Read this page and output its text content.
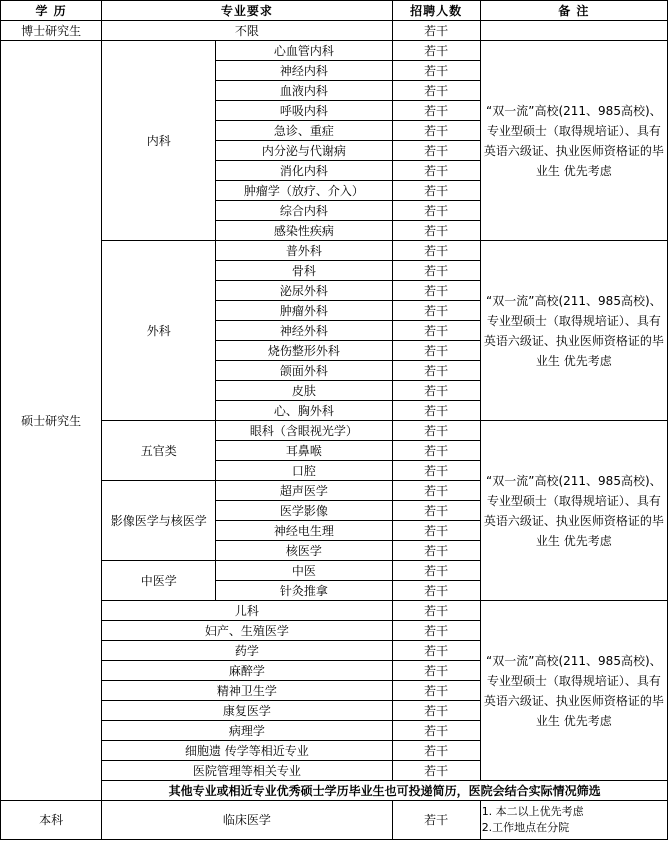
学 历	专业要求		招聘人数	备 注
博士研究生	不限		若干	
硕士研究生	内科	心血管内科	若干	“双一流”高校(211、985高校)、专业型硕士（取得规培证）、具有英语六级证、执业医师资格证的毕业生 优先考虑
		神经内科	若干	
		血液内科	若干	
		呼吸内科	若干	
		急诊、重症	若干	
		内分泌与代谢病	若干	
		消化内科	若干	
		肿瘤学（放疗、介入）	若干	
		综合内科	若干	
		感染性疾病	若干	
	外科	普外科	若干	“双一流”高校(211、985高校)、专业型硕士（取得规培证）、具有英语六级证、执业医师资格证的毕业生 优先考虑
		骨科	若干	
		泌尿外科	若干	
		肿瘤外科	若干	
		神经外科	若干	
		烧伤整形外科	若干	
		颌面外科	若干	
		皮肤	若干	
		心、胸外科	若干	
	五官类	眼科（含眼视光学）	若干	“双一流”高校(211、985高校)、专业型硕士（取得规培证）、具有英语六级证、执业医师资格证的毕业生 优先考虑
		耳鼻喉	若干	
		口腔	若干	
	影像医学与核医学	超声医学	若干	
		医学影像	若干	
		神经电生理	若干	
		核医学	若干	
	中医学	中医	若干	
		针灸推拿	若干	
	儿科		若干	“双一流”高校(211、985高校)、专业型硕士（取得规培证）、具有英语六级证、执业医师资格证的毕业生 优先考虑
	妇产、生殖医学		若干	
	药学		若干	
	麻醉学		若干	
	精神卫生学		若干	
	康复医学		若干	
	病理学		若干	
	细胞遗 传学等相近专业		若干	
	医院管理等相关专业		若干	
	其他专业或相近专业优秀硕士学历毕业生也可投递简历，医院会结合实际情况筛选			
本科	临床医学		若干	1. 本二以上优先考虑
2.工作地点在分院
